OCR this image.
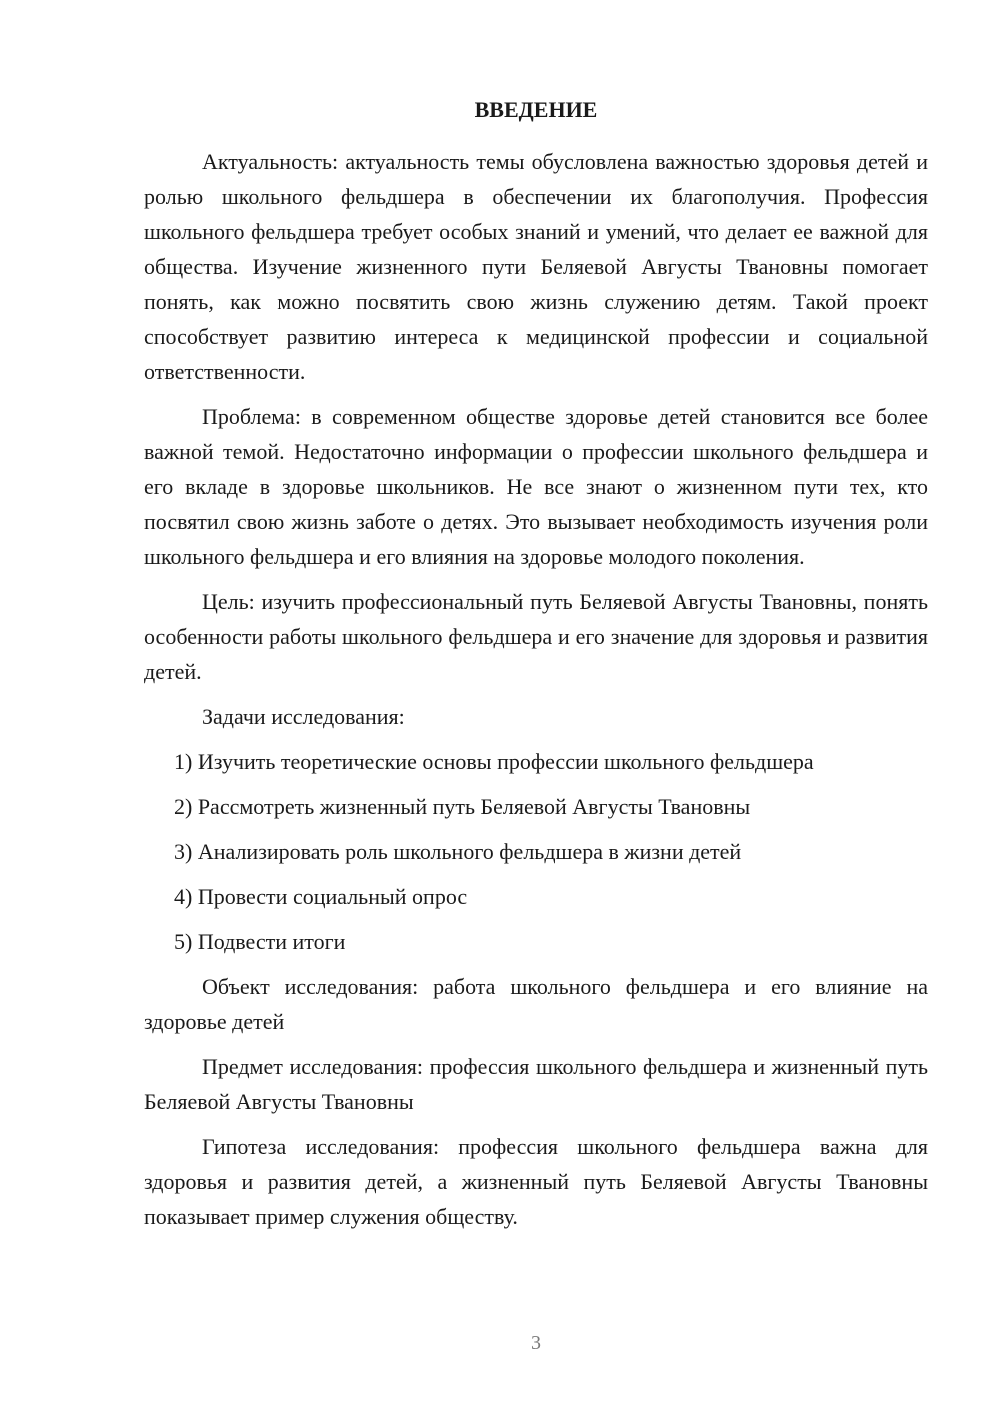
ВВЕДЕНИЕ

Актуальность: актуальность темы обусловлена важностью здоровья детей и ролью школьного фельдшера в обеспечении их благополучия. Профессия школьного фельдшера требует особых знаний и умений, что делает ее важной для общества. Изучение жизненного пути Беляевой Августы Твановны помогает понять, как можно посвятить свою жизнь служению детям. Такой проект способствует развитию интереса к медицинской профессии и социальной ответственности.

Проблема: в современном обществе здоровье детей становится все более важной темой. Недостаточно информации о профессии школьного фельдшера и его вкладе в здоровье школьников. Не все знают о жизненном пути тех, кто посвятил свою жизнь заботе о детях. Это вызывает необходимость изучения роли школьного фельдшера и его влияния на здоровье молодого поколения.

Цель: изучить профессиональный путь Беляевой Августы Твановны, понять особенности работы школьного фельдшера и его значение для здоровья и развития детей.

Задачи исследования:

1) Изучить теоретические основы профессии школьного фельдшера
2) Рассмотреть жизненный путь Беляевой Августы Твановны
3) Анализировать роль школьного фельдшера в жизни детей
4) Провести социальный опрос
5) Подвести итоги

Объект исследования: работа школьного фельдшера и его влияние на здоровье детей

Предмет исследования: профессия школьного фельдшера и жизненный путь Беляевой Августы Твановны

Гипотеза исследования: профессия школьного фельдшера важна для здоровья и развития детей, а жизненный путь Беляевой Августы Твановны показывает пример служения обществу.

3
